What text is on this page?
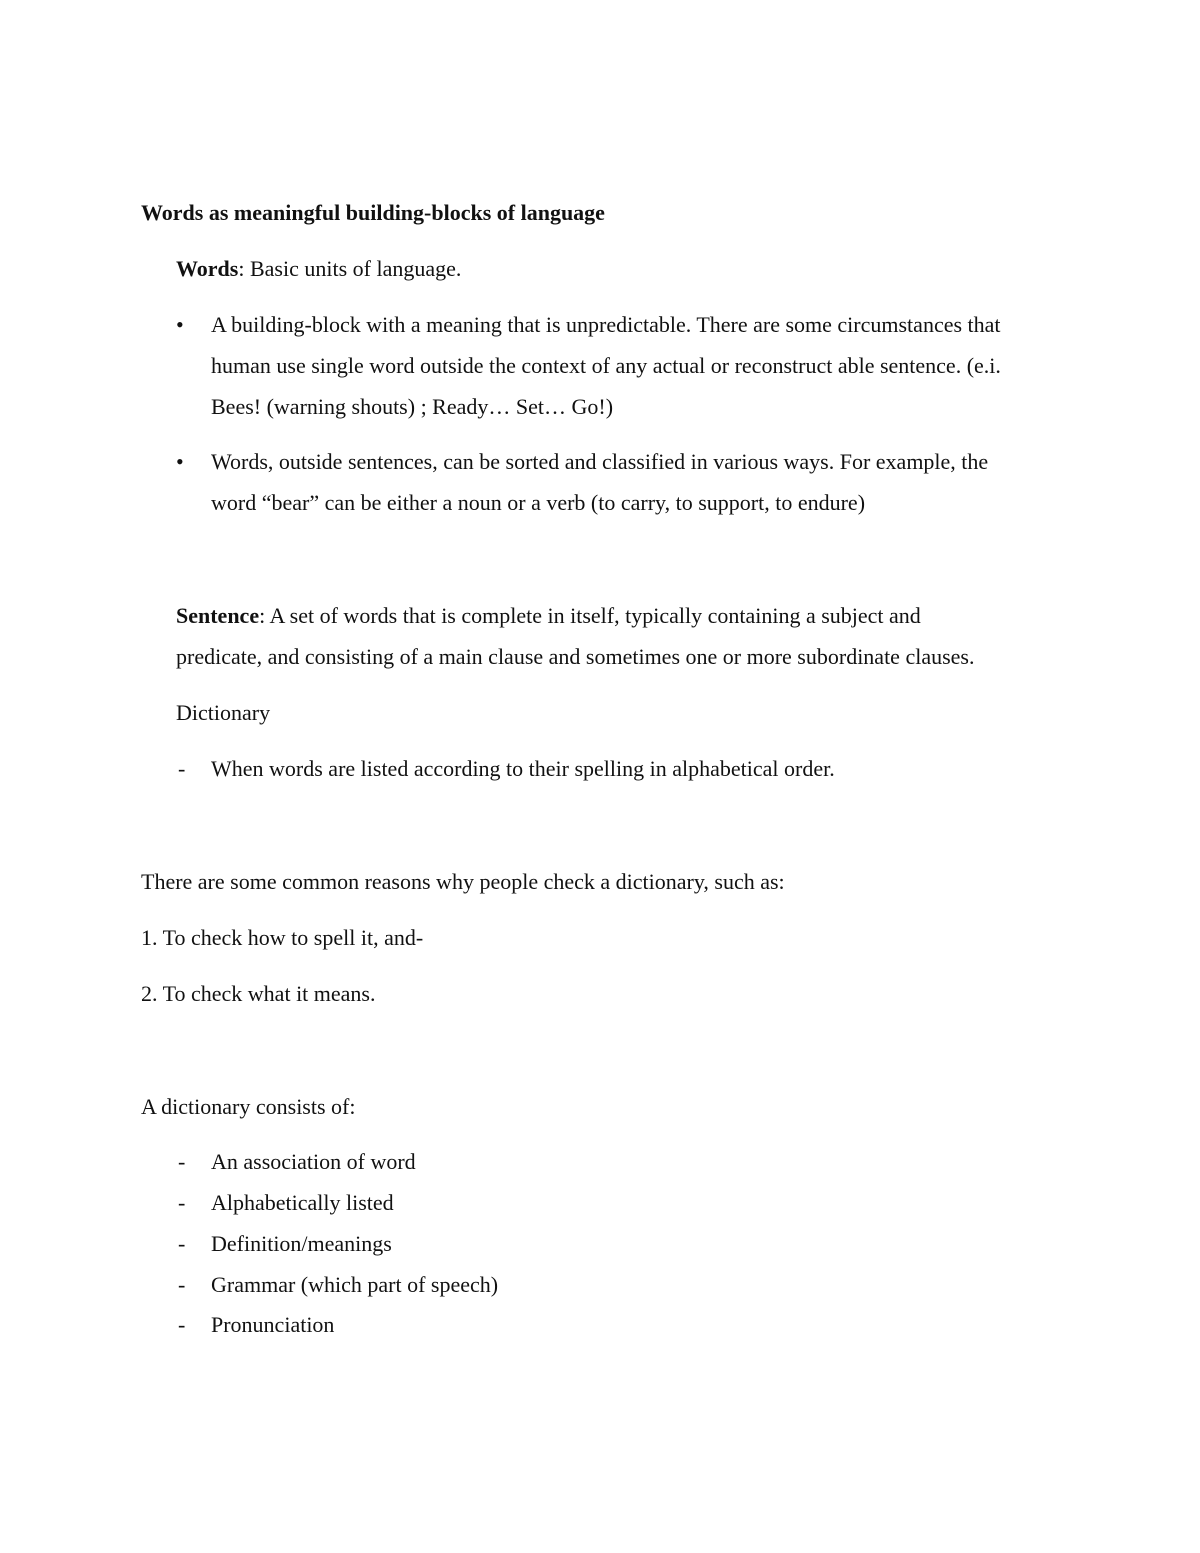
Words as meaningful building-blocks of language
Words: Basic units of language.
• A building-block with a meaning that is unpredictable. There are some circumstances that
human use single word outside the context of any actual or reconstruct able sentence. (e.i.
Bees! (warning shouts) ; Ready… Set… Go!)
• Words, outside sentences, can be sorted and classified in various ways. For example, the
word “bear” can be either a noun or a verb (to carry, to support, to endure)
Sentence: A set of words that is complete in itself, typically containing a subject and
predicate, and consisting of a main clause and sometimes one or more subordinate clauses.
Dictionary
- When words are listed according to their spelling in alphabetical order.
There are some common reasons why people check a dictionary, such as:
1. To check how to spell it, and-
2. To check what it means.
A dictionary consists of:
- An association of word
- Alphabetically listed
- Definition/meanings
- Grammar (which part of speech)
- Pronunciation
